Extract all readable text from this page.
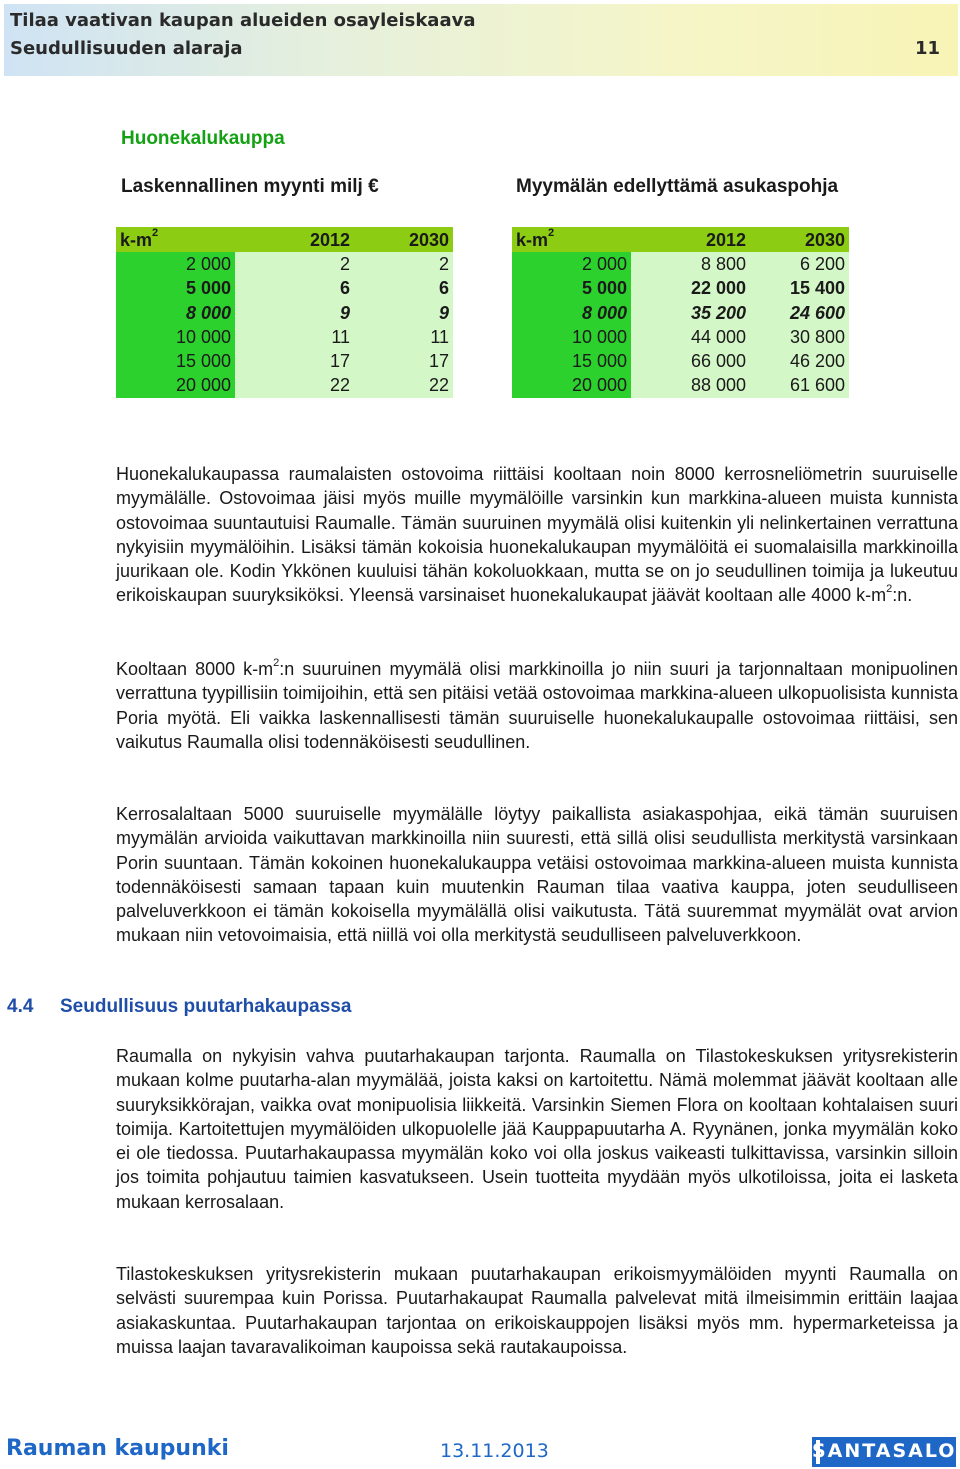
Tilaa vaativan kaupan alueiden osayleiskaava
Seudullisuuden alaraja	11
Huonekalukauppa
Laskennallinen myynti milj €	Myymälän edellyttämä asukaspohja
$k-m^2$	2012	2030
2 000	2	2
5 000	6	6
8 000	9	9
10 000	11	11
15 000	17	17
20 000	22	22
$k-m^2$	2012	2030
2 000	8 800	6 200
5 000	22 000	15 400
8 000	35 200	24 600
10 000	44 000	30 800
15 000	66 000	46 200
20 000	88 000	61 600

Huonekalukaupassa raumalaisten ostovoima riittäisi kooltaan noin 8000 kerrosneliömetrin suuruiselle myymälälle. Ostovoimaa jäisi myös muille myymälöille varsinkin kun markkina-alueen muista kunnista ostovoimaa suuntautuisi Raumalle. Tämän suuruinen myymälä olisi kuitenkin yli nelinkertainen verrattuna nykyisiin myymälöihin. Lisäksi tämän kokoisia huonekalukaupan myymälöitä ei suomalaisilla markkinoilla juurikaan ole. Kodin Ykkönen kuuluisi tähän kokoluokkaan, mutta se on jo seudullinen toimija ja lukeutuu erikoiskaupan suuryksiköksi. Yleensä varsinaiset huonekalukaupat jäävät kooltaan alle 4000 $k-m^2:n$.

Kooltaan 8000 $k-m^2:n$ suuruinen myymälä olisi markkinoilla jo niin suuri ja tarjonnaltaan monipuolinen verrattuna tyypillisiin toimijoihin, että sen pitäisi vetää ostovoimaa markkina-alueen ulkopuolisista kunnista Poria myötä. Eli vaikka laskennallisesti tämän suuruiselle huonekalukaupalle ostovoimaa riittäisi, sen vaikutus Raumalla olisi todennäköisesti seudullinen.

Kerrosalaltaan 5000 suuruiselle myymälälle löytyy paikallista asiakaspohjaa, eikä tämän suuruisen myymälän arvioida vaikuttavan markkinoilla niin suuresti, että sillä olisi seudullista merkitystä varsinkaan Porin suuntaan. Tämän kokoinen huonekalukauppa vetäisi ostovoimaa markkina-alueen muista kunnista todennäköisesti samaan tapaan kuin muutenkin Rauman tilaa vaativa kauppa, joten seudulliseen palveluverkkoon ei tämän kokoisella myymälällä olisi vaikutusta. Tätä suuremmat myymälät ovat arvion mukaan niin vetovoimaisia, että niillä voi olla merkitystä seudulliseen palveluverkkoon.

4.4 Seudullisuus puutarhakaupassa

Raumalla on nykyisin vahva puutarhakaupan tarjonta. Raumalla on Tilastokeskuksen yritysrekisterin mukaan kolme puutarha-alan myymälää, joista kaksi on kartoitettu. Nämä molemmat jäävät kooltaan alle suuryksikkörajan, vaikka ovat monipuolisia liikkeitä. Varsinkin Siemen Flora on kooltaan kohtalaisen suuri toimija. Kartoitettujen myymälöiden ulkopuolelle jää Kauppapuutarha A. Ryynänen, jonka myymälän koko ei ole tiedossa. Puutarhakaupassa myymälän koko voi olla joskus vaikeasti tulkittavissa, varsinkin silloin jos toimita pohjautuu taimien kasvatukseen. Usein tuotteita myydään myös ulkotiloissa, joita ei lasketa mukaan kerrosalaan.

Tilastokeskuksen yritysrekisterin mukaan puutarhakaupan erikoismyymälöiden myynti Raumalla on selvästi suurempaa kuin Porissa. Puutarhakaupat Raumalla palvelevat mitä ilmeisimmin erittäin laajaa asiakaskuntaa. Puutarhakaupan tarjontaa on erikoiskauppojen lisäksi myös mm. hypermarketeissa ja muissa laajan tavaravalikoiman kaupoissa sekä rautakaupoissa.

Rauman kaupunki	13.11.2013	SANTASALO
